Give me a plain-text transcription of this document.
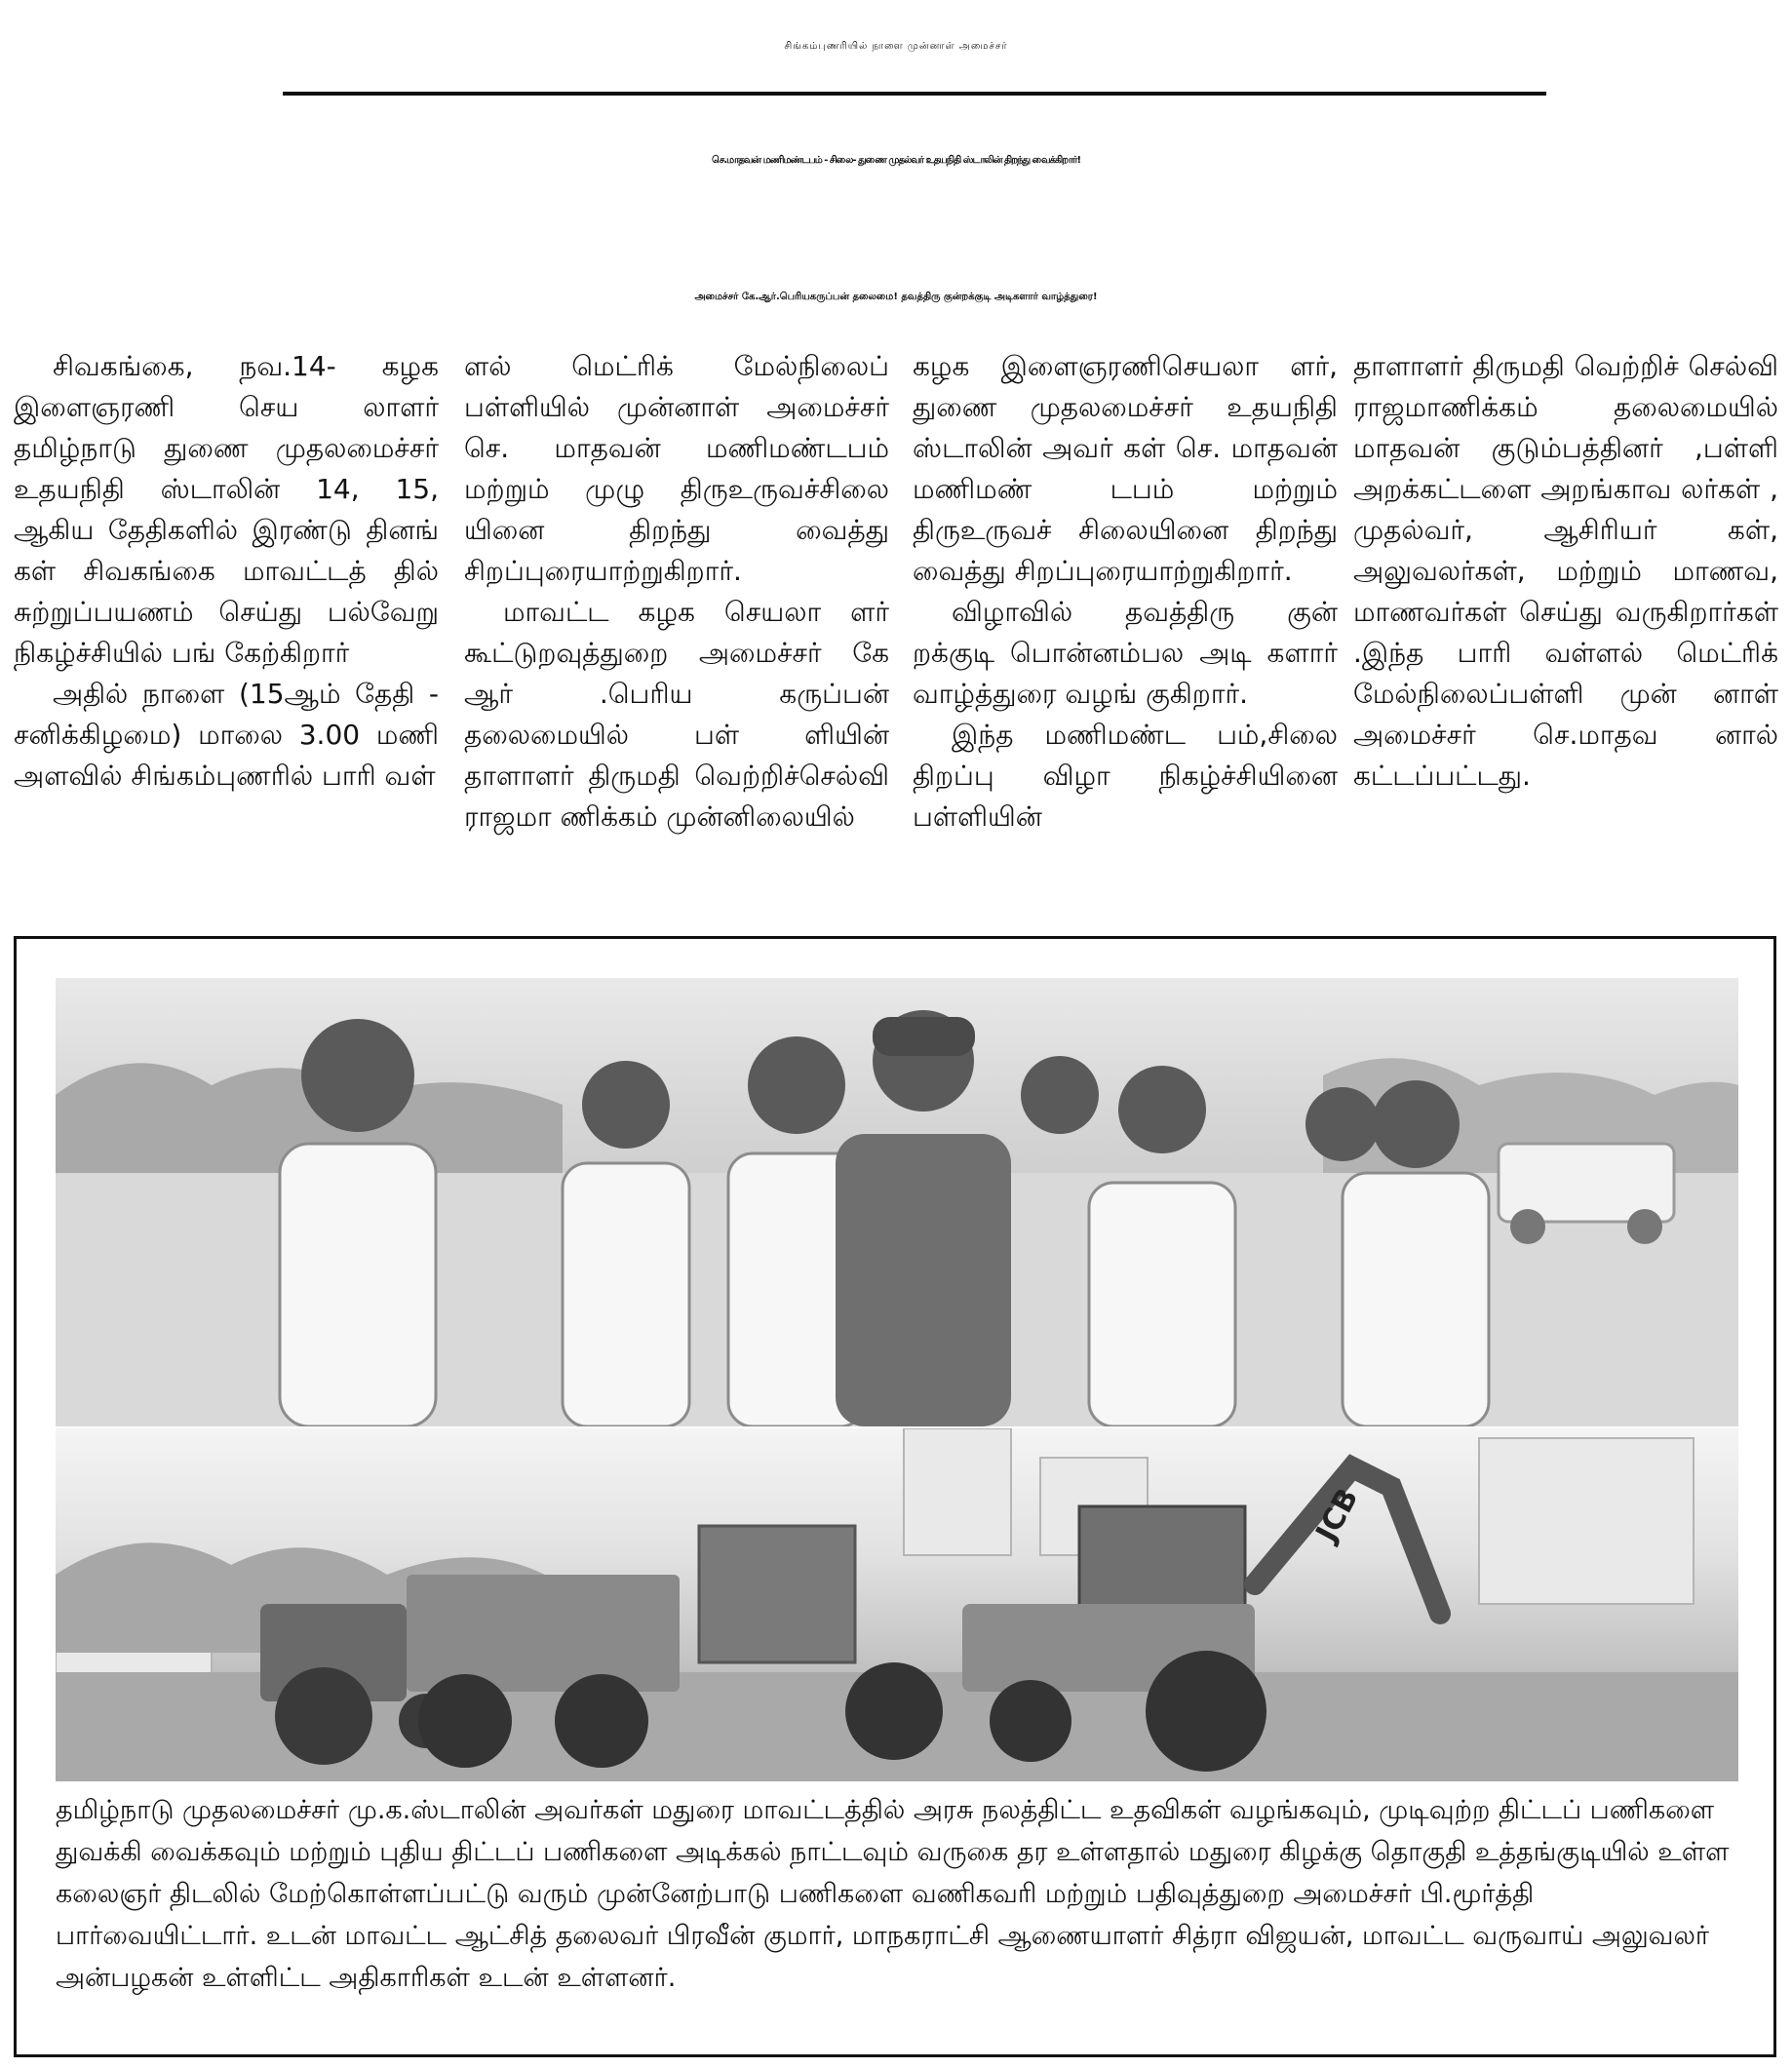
சிங்கம்புணரியில் நாளை முன்னாள் அமைச்சர்
செ.மாதவன் மணிமண்டபம் - சிலை- துணை முதல்வர் உதயநிதி ஸ்டாலின் திறந்து வைக்கிறார்!
அமைச்சர் கே.ஆர்.பெரியகருப்பன் தலைமை! தவத்திரு குன்றக்குடி அடிகளார் வாழ்த்துரை!

சிவகங்கை, நவ.14- கழக இளைஞரணி செய லாளர் தமிழ்நாடு துணை முதலமைச்சர் உதயநிதி ஸ்டாலின் 14, 15, ஆகிய தேதிகளில் இரண்டு தினங் கள் சிவகங்கை மாவட்டத் தில் சுற்றுப்பயணம் செய்து பல்வேறு நிகழ்ச்சியில் பங் கேற்கிறார்

அதில் நாளை (15ஆம் தேதி - சனிக்கிழமை) மாலை 3.00 மணி அளவில் சிங்கம்புணரில் பாரி வள்

ளல் மெட்ரிக் மேல்நிலைப் பள்ளியில் முன்னாள் அமைச்சர் செ. மாதவன் மணிமண்டபம் மற்றும் முழு திருஉருவச்சிலை யினை திறந்து வைத்து சிறப்புரையாற்றுகிறார்.

மாவட்ட கழக செயலா ளர் கூட்டுறவுத்துறை அமைச்சர் கே ஆர் .பெரிய கருப்பன் தலைமையில் பள் ளியின் தாளாளர் திருமதி வெற்றிச்செல்வி ராஜமா ணிக்கம் முன்னிலையில்

கழக இளைஞரணிசெயலா ளர், துணை முதலமைச்சர் உதயநிதி ஸ்டாலின் அவர் கள் செ. மாதவன் மணிமண் டபம் மற்றும் திருஉருவச் சிலையினை திறந்து வைத்து சிறப்புரையாற்றுகிறார்.

விழாவில் தவத்திரு குன் றக்குடி பொன்னம்பல அடி களார் வாழ்த்துரை வழங் குகிறார்.

இந்த மணிமண்ட பம்,சிலை திறப்பு விழா நிகழ்ச்சியினை பள்ளியின்

தாளாளர் திருமதி வெற்றிச் செல்வி ராஜமாணிக்கம் தலைமையில் மாதவன் குடும்பத்தினர் ,பள்ளி அறக்கட்டளை அறங்காவ லர்கள் , முதல்வர், ஆசிரியர் கள், அலுவலர்கள், மற்றும் மாணவ, மாணவர்கள் செய்து வருகிறார்கள் .இந்த பாரி வள்ளல் மெட்ரிக் மேல்நிலைப்பள்ளி முன் னாள் அமைச்சர் செ.மாதவ னால் கட்டப்பட்டது.

JCB
தமிழ்நாடு முதலமைச்சர் மு.க.ஸ்டாலின் அவர்கள் மதுரை மாவட்டத்தில் அரசு நலத்திட்ட உதவிகள் வழங்கவும், முடிவுற்ற திட்டப் பணிகளை துவக்கி வைக்கவும் மற்றும் புதிய திட்டப் பணிகளை அடிக்கல் நாட்டவும் வருகை தர உள்ளதால் மதுரை கிழக்கு தொகுதி உத்தங்குடியில் உள்ள கலைஞர் திடலில் மேற்கொள்ளப்பட்டு வரும் முன்னேற்பாடு பணிகளை வணிகவரி மற்றும் பதிவுத்துறை அமைச்சர் பி.மூர்த்தி பார்வையிட்டார். உடன் மாவட்ட ஆட்சித் தலைவர் பிரவீன் குமார், மாநகராட்சி ஆணையாளர் சித்ரா விஜயன், மாவட்ட வருவாய் அலுவலர் அன்பழகன் உள்ளிட்ட அதிகாரிகள் உடன் உள்ளனர்.
